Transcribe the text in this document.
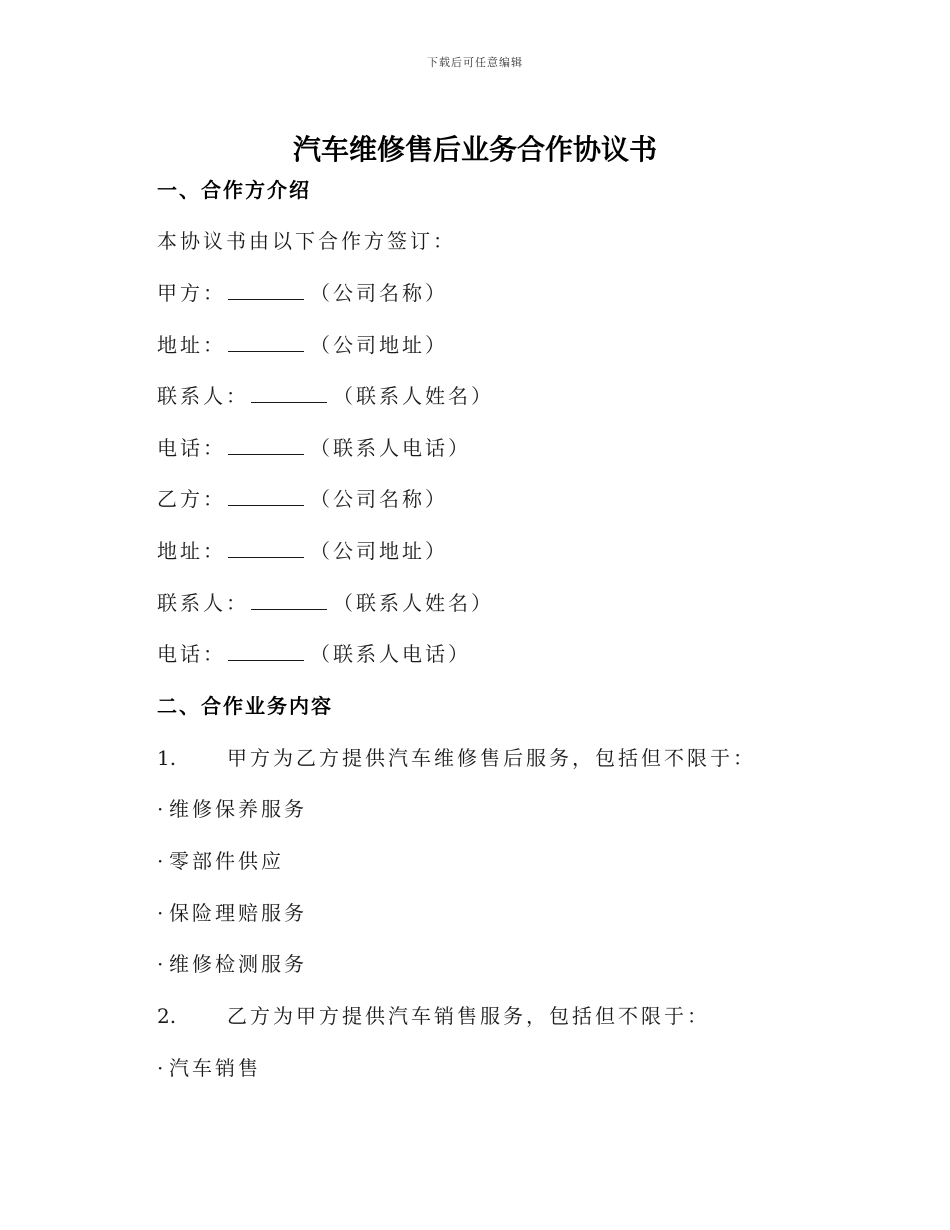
下载后可任意编辑
汽车维修售后业务合作协议书
一、合作方介绍
本协议书由以下合作方签订：
甲方：	（公司名称）
地址：	（公司地址）
联系人：	（联系人姓名）
电话：	（联系人电话）
乙方：	（公司名称）
地址：	（公司地址）
联系人：	（联系人姓名）
电话：	（联系人电话）
二、合作业务内容
1.	甲方为乙方提供汽车维修售后服务，包括但不限于：
· 维修保养服务
· 零部件供应
· 保险理赔服务
· 维修检测服务
2.	乙方为甲方提供汽车销售服务，包括但不限于：
· 汽车销售
